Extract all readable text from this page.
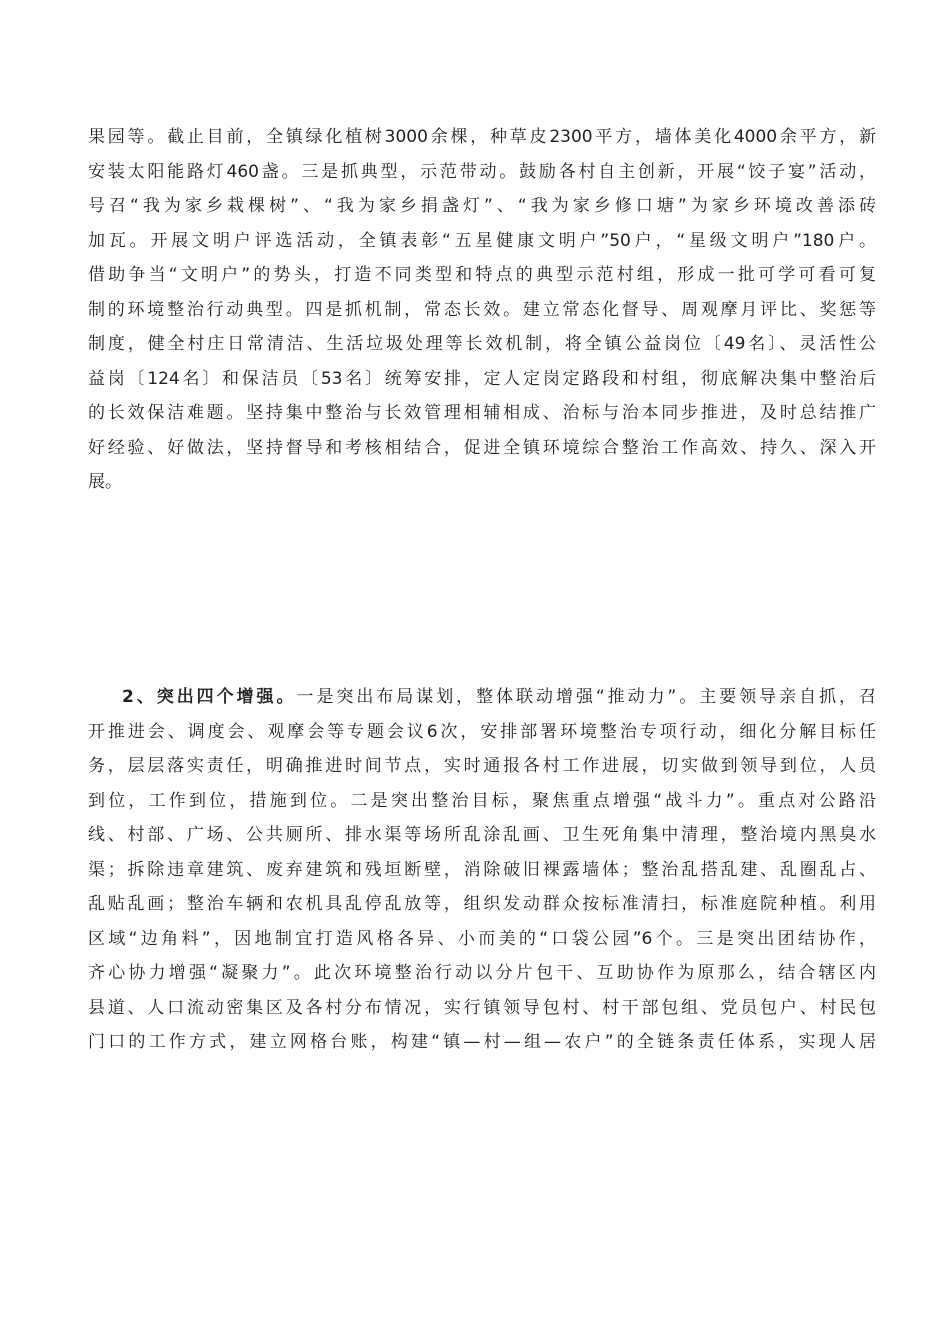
果园等。截止目前，全镇绿化植树3000余棵，种草皮2300平方，墙体美化4000余平方，新
安装太阳能路灯460盏。三是抓典型，示范带动。鼓励各村自主创新，开展“饺子宴”活动，
号召“我为家乡栽棵树”、“我为家乡捐盏灯”、“我为家乡修口塘”为家乡环境改善添砖
加瓦。开展文明户评选活动，全镇表彰“五星健康文明户”50户，“星级文明户”180户。
借助争当“文明户”的势头，打造不同类型和特点的典型示范村组，形成一批可学可看可复
制的环境整治行动典型。四是抓机制，常态长效。建立常态化督导、周观摩月评比、奖惩等
制度，健全村庄日常清洁、生活垃圾处理等长效机制，将全镇公益岗位〔49名〕、灵活性公
益岗〔124名〕和保洁员〔53名〕统筹安排，定人定岗定路段和村组，彻底解决集中整治后
的长效保洁难题。坚持集中整治与长效管理相辅相成、治标与治本同步推进，及时总结推广
好经验、好做法，坚持督导和考核相结合，促进全镇环境综合整治工作高效、持久、深入开
展。
2、突出四个增强。一是突出布局谋划，整体联动增强“推动力”。主要领导亲自抓，召
开推进会、调度会、观摩会等专题会议6次，安排部署环境整治专项行动，细化分解目标任
务，层层落实责任，明确推进时间节点，实时通报各村工作进展，切实做到领导到位，人员
到位，工作到位，措施到位。二是突出整治目标，聚焦重点增强“战斗力”。重点对公路沿
线、村部、广场、公共厕所、排水渠等场所乱涂乱画、卫生死角集中清理，整治境内黑臭水
渠；拆除违章建筑、废弃建筑和残垣断壁，消除破旧裸露墙体；整治乱搭乱建、乱圈乱占、
乱贴乱画；整治车辆和农机具乱停乱放等，组织发动群众按标准清扫，标准庭院种植。利用
区域“边角料”，因地制宜打造风格各异、小而美的“口袋公园”6个。三是突出团结协作，
齐心协力增强“凝聚力”。此次环境整治行动以分片包干、互助协作为原那么，结合辖区内
县道、人口流动密集区及各村分布情况，实行镇领导包村、村干部包组、党员包户、村民包
门口的工作方式，建立网格台账，构建“镇—村—组—农户”的全链条责任体系，实现人居
